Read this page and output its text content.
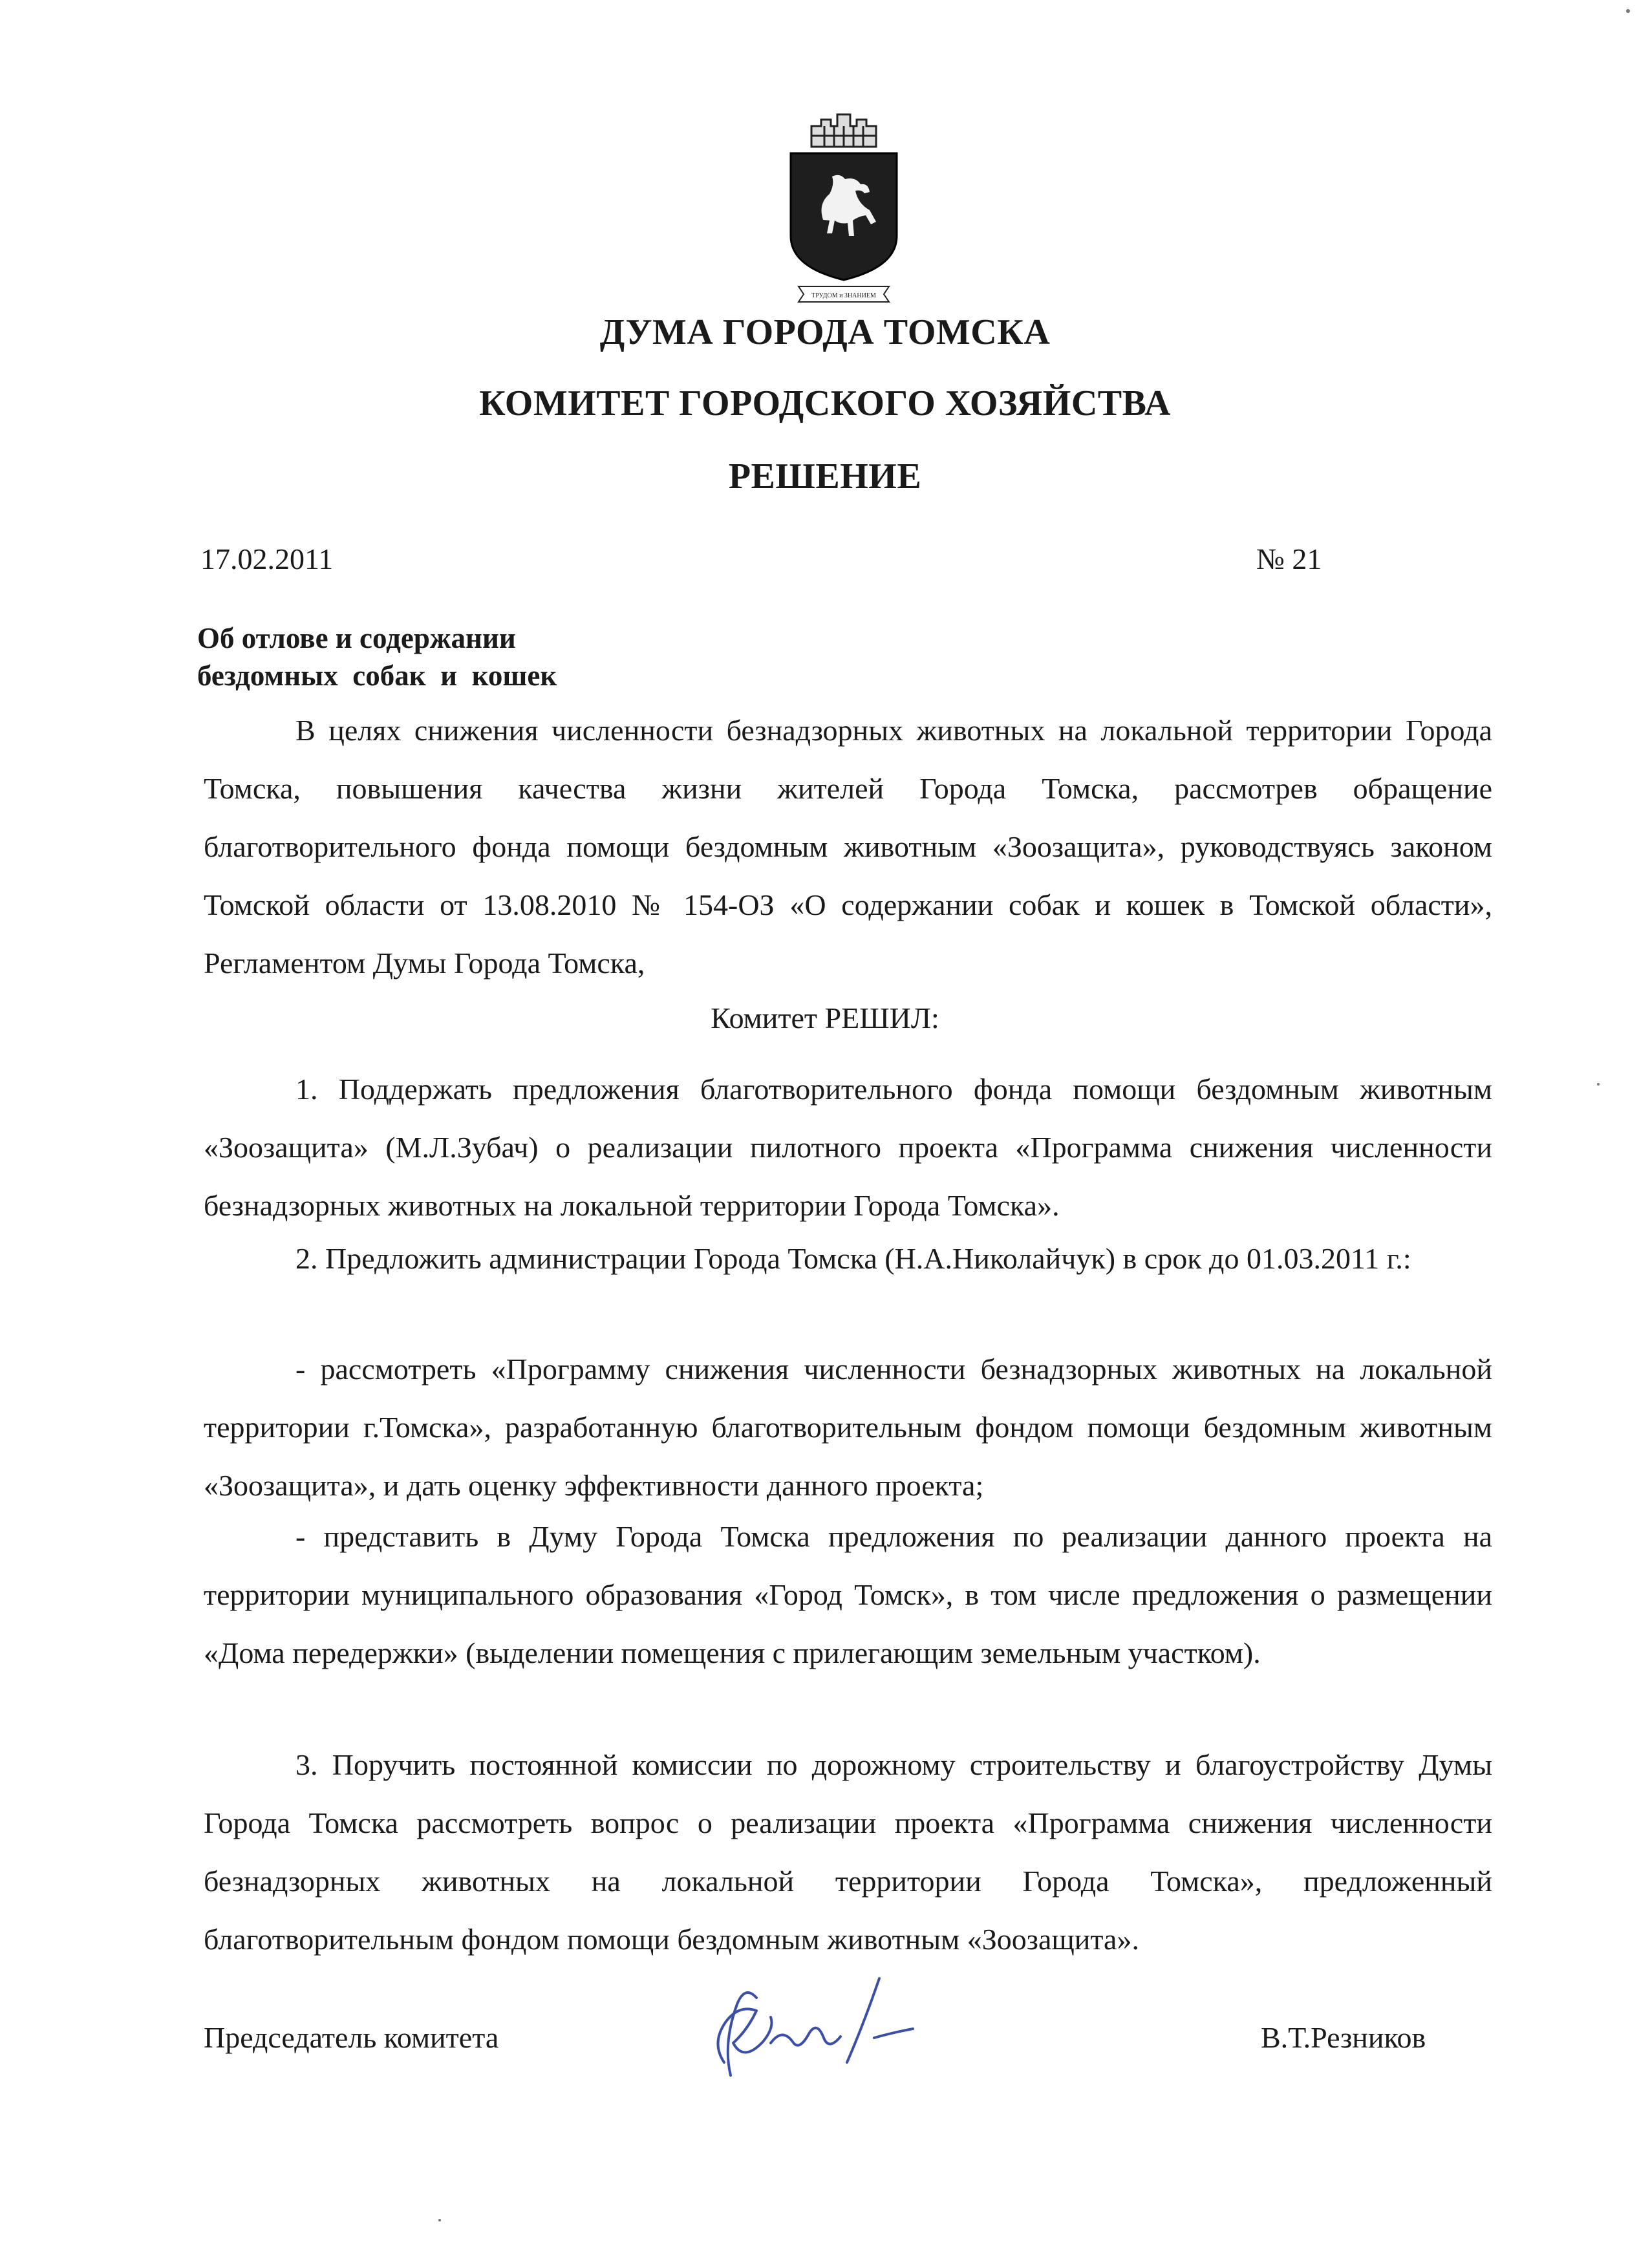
ТРУДОМ и ЗНАНИЕМ
ДУМА ГОРОДА ТОМСКА
КОМИТЕТ ГОРОДСКОГО ХОЗЯЙСТВА
РЕШЕНИЕ
17.02.2011	№ 21
Об отлове и содержании
бездомных  собак  и  кошек

В целях снижения численности безнадзорных животных на локальной территории Города Томска, повышения качества жизни жителей Города Томска, рассмотрев обращение благотворительного фонда помощи бездомным животным «Зоозащита», руководствуясь законом Томской области от 13.08.2010 № 154-ОЗ «О содержании собак и кошек в Томской области», Регламентом Думы Города Томска,

Комитет РЕШИЛ:

1. Поддержать предложения благотворительного фонда помощи бездомным животным «Зоозащита» (М.Л.Зубач) о реализации пилотного проекта «Программа снижения численности безнадзорных животных на локальной территории Города Томска».

2. Предложить администрации Города Томска (Н.А.Николайчук) в срок до 01.03.2011 г.:

- рассмотреть «Программу снижения численности безнадзорных животных на локальной территории г.Томска», разработанную благотворительным фондом помощи бездомным животным «Зоозащита», и дать оценку эффективности данного проекта;

- представить в Думу Города Томска предложения по реализации данного проекта на территории муниципального образования «Город Томск», в том числе предложения о размещении «Дома передержки» (выделении помещения с прилегающим земельным участком).

3. Поручить постоянной комиссии по дорожному строительству и благоустройству Думы Города Томска рассмотреть вопрос о реализации проекта «Программа снижения численности безнадзорных животных на локальной территории Города Томска», предложенный благотворительным фондом помощи бездомным животным «Зоозащита».

Председатель комитета	В.Т.Резников
